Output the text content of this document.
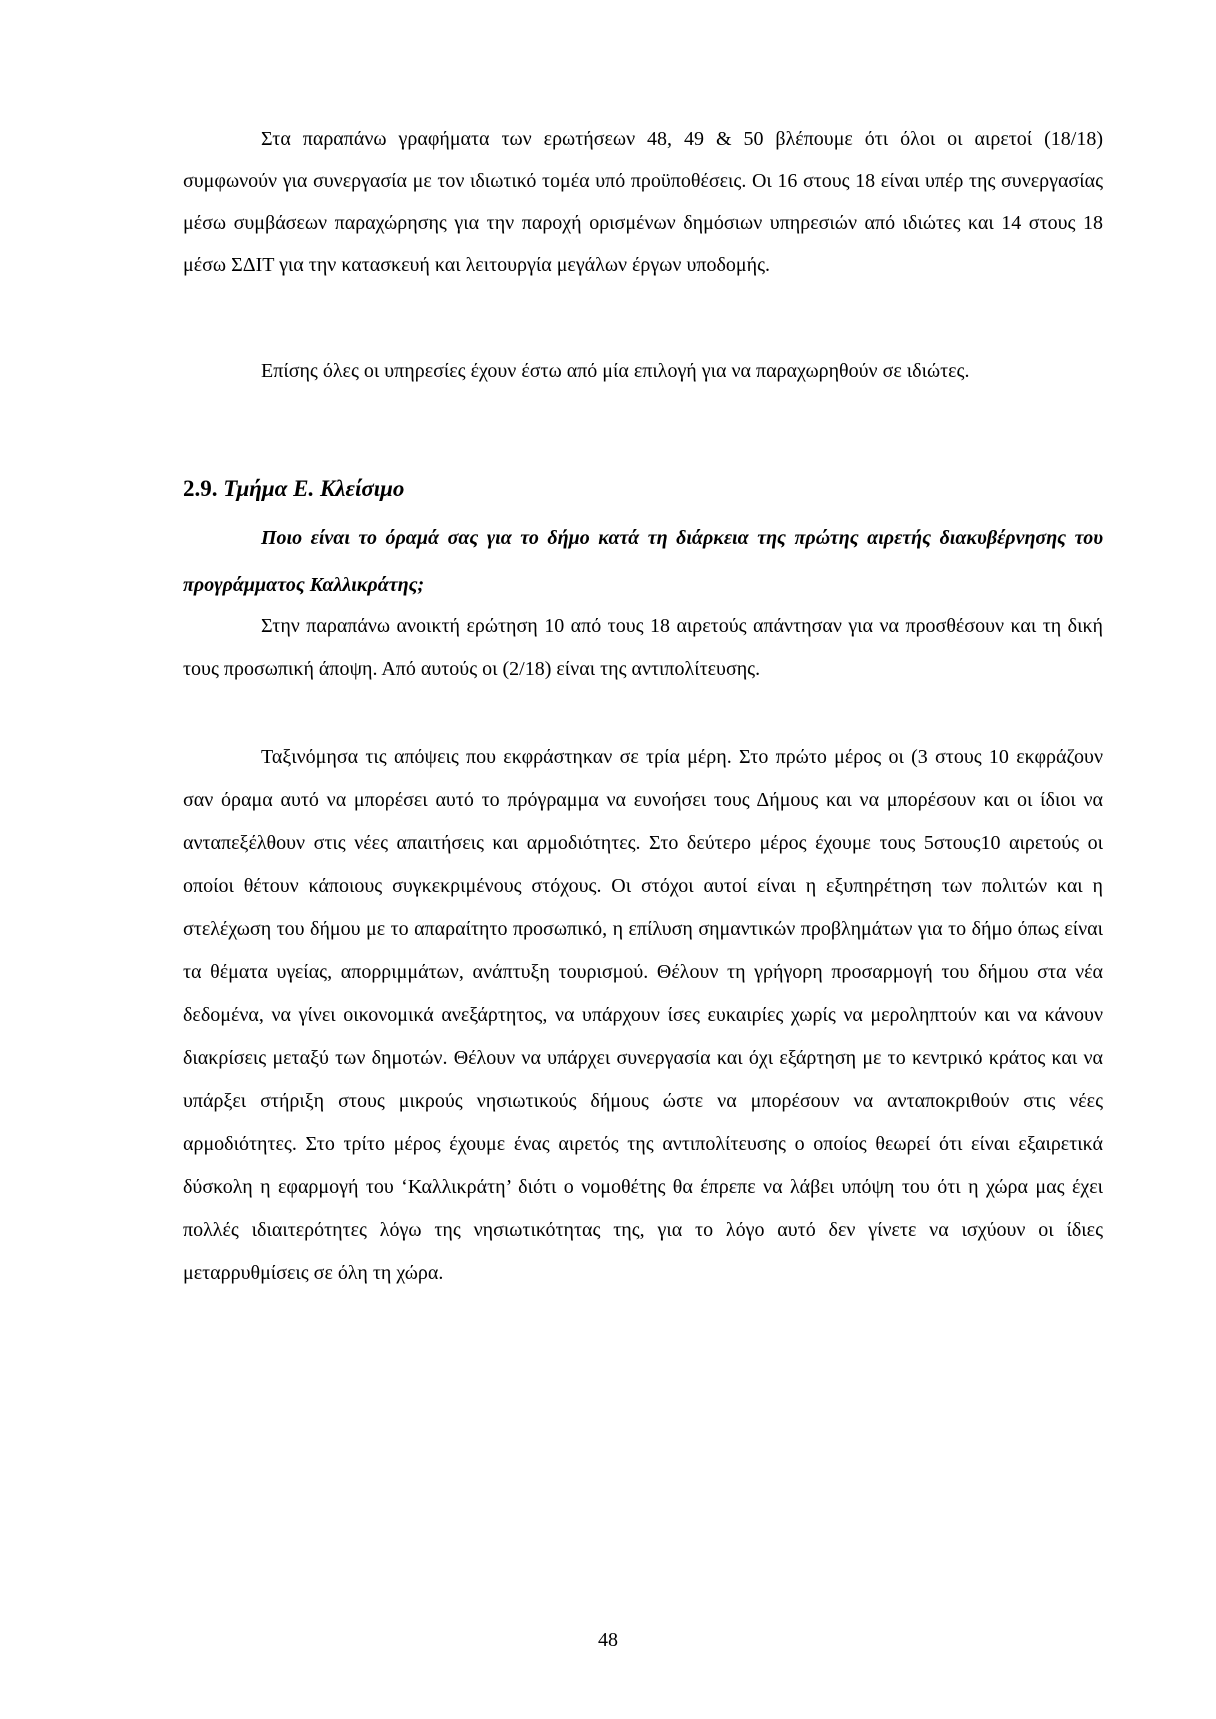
Στα παραπάνω γραφήματα των ερωτήσεων 48, 49 & 50 βλέπουμε ότι όλοι οι αιρετοί (18/18) συμφωνούν για συνεργασία με τον ιδιωτικό τομέα υπό προϋποθέσεις. Οι 16 στους 18 είναι υπέρ της συνεργασίας μέσω συμβάσεων παραχώρησης για την παροχή ορισμένων δημόσιων υπηρεσιών από ιδιώτες και 14 στους 18 μέσω ΣΔΙΤ για την κατασκευή και λειτουργία μεγάλων έργων υποδομής.

Επίσης όλες οι υπηρεσίες έχουν έστω από μία επιλογή για να παραχωρηθούν σε ιδιώτες.

2.9. Τμήμα Ε. Κλείσιμο

Ποιο είναι το όραμά σας για το δήμο κατά τη διάρκεια της πρώτης αιρετής διακυβέρνησης του προγράμματος Καλλικράτης;

Στην παραπάνω ανοικτή ερώτηση 10 από τους 18 αιρετούς απάντησαν για να προσθέσουν και τη δική τους προσωπική άποψη. Από αυτούς οι (2/18) είναι της αντιπολίτευσης.

Ταξινόμησα τις απόψεις που εκφράστηκαν σε τρία μέρη. Στο πρώτο μέρος οι (3 στους 10 εκφράζουν σαν όραμα αυτό να μπορέσει αυτό το πρόγραμμα να ευνοήσει τους Δήμους και να μπορέσουν και οι ίδιοι να ανταπεξέλθουν στις νέες απαιτήσεις και αρμοδιότητες. Στο δεύτερο μέρος έχουμε τους 5στους10 αιρετούς οι οποίοι θέτουν κάποιους συγκεκριμένους στόχους. Οι στόχοι αυτοί είναι η εξυπηρέτηση των πολιτών και η στελέχωση του δήμου με το απαραίτητο προσωπικό, η επίλυση σημαντικών προβλημάτων για το δήμο όπως είναι τα θέματα υγείας, απορριμμάτων, ανάπτυξη τουρισμού. Θέλουν τη γρήγορη προσαρμογή του δήμου στα νέα δεδομένα, να γίνει οικονομικά ανεξάρτητος, να υπάρχουν ίσες ευκαιρίες χωρίς να μεροληπτούν και να κάνουν διακρίσεις μεταξύ των δημοτών. Θέλουν να υπάρχει συνεργασία και όχι εξάρτηση με το κεντρικό κράτος και να υπάρξει στήριξη στους μικρούς νησιωτικούς δήμους ώστε να μπορέσουν να ανταποκριθούν στις νέες αρμοδιότητες. Στο τρίτο μέρος έχουμε ένας αιρετός της αντιπολίτευσης ο οποίος θεωρεί ότι είναι εξαιρετικά δύσκολη η εφαρμογή του ‘Καλλικράτη’ διότι ο νομοθέτης θα έπρεπε να λάβει υπόψη του ότι η χώρα μας έχει πολλές ιδιαιτερότητες λόγω της νησιωτικότητας της, για το λόγο αυτό δεν γίνετε να ισχύουν οι ίδιες μεταρρυθμίσεις σε όλη τη χώρα.

48
